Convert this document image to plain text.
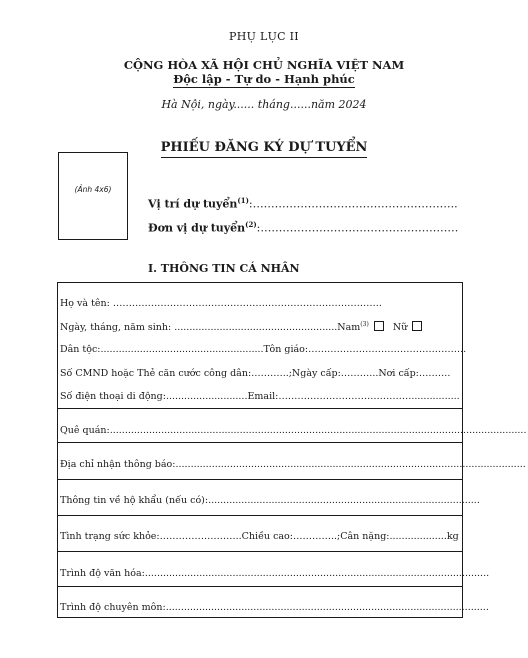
PHỤ LỤC II
CỘNG HÒA XÃ HỘI CHỦ NGHĨA VIỆT NAM
Độc lập - Tự do - Hạnh phúc
Hà Nội, ngày...... tháng......năm 2024
PHIẾU ĐĂNG KÝ DỰ TUYỂN
(Ảnh 4x6)
Vị trí dự tuyển$^{(1)}$:………………………………………………..
Đơn vị dự tuyển$^{(2)}$:………………………………………………
I. THÔNG TIN CÁ NHÂN
Họ và tên: ………………………………………………………………………….
Ngày, tháng, năm sinh: ......................................................Nam$^{(3)}$	Nữ
Dân tộc:......................................................Tôn giáo:…………………………………………..
Số CMND hoặc Thẻ căn cước công dân:…….…..;Ngày cấp:………...Nơi cấp:……….
Số điện thoại di động:...........................Email:……………………………………................
Quê quán:..........................................................................................................................................
Địa chỉ nhận thông báo:....................................................................................................................
Thông tin về hộ khẩu (nếu có):..........................................................................................
Tình trạng sức khỏe:……………………..Chiều cao:…………..;Cân nặng:...................kg
Trình độ văn hóa:..................................................................................................................
Trình độ chuyên môn:...........................................................................................................
